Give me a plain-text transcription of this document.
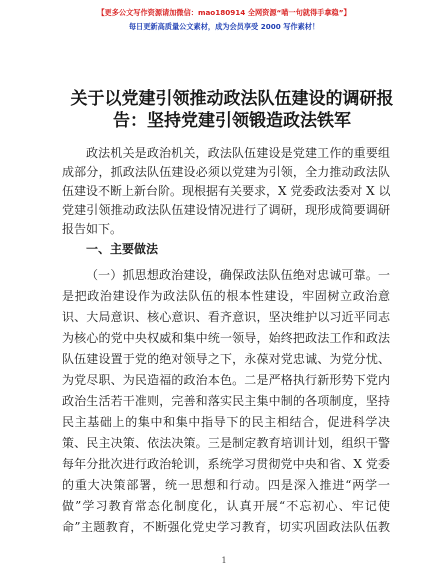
【更多公文写作资源请加微信：mao180914 全网资源“喵一句就得手拿稳”】
每日更新高质量公文素材，成为会员享受 2000 写作素材！
关于以党建引领推动政法队伍建设的调研报
告：坚持党建引领锻造政法铁军
政法机关是政治机关，政法队伍建设是党建工作的重要组
成部分，抓政法队伍建设必须以党建为引领，全力推动政法队
伍建设不断上新台阶。现根据有关要求，X 党委政法委对 X 以
党建引领推动政法队伍建设情况进行了调研，现形成简要调研
报告如下。
一、主要做法
（一）抓思想政治建设，确保政法队伍绝对忠诚可靠。一
是把政治建设作为政法队伍的根本性建设，牢固树立政治意
识、大局意识、核心意识、看齐意识，坚决维护以习近平同志
为核心的党中央权威和集中统一领导，始终把政法工作和政法
队伍建设置于党的绝对领导之下，永葆对党忠诚、为党分忧、
为党尽职、为民造福的政治本色。二是严格执行新形势下党内
政治生活若干准则，完善和落实民主集中制的各项制度，坚持
民主基础上的集中和集中指导下的民主相结合，促进科学决
策、民主决策、依法决策。三是制定教育培训计划，组织干警
每年分批次进行政治轮训，系统学习贯彻党中央和省、X 党委
的重大决策部署，统一思想和行动。四是深入推进“两学一
做”学习教育常态化制度化，认真开展“不忘初心、牢记使
命”主题教育，不断强化党史学习教育，切实巩固政法队伍教
1
